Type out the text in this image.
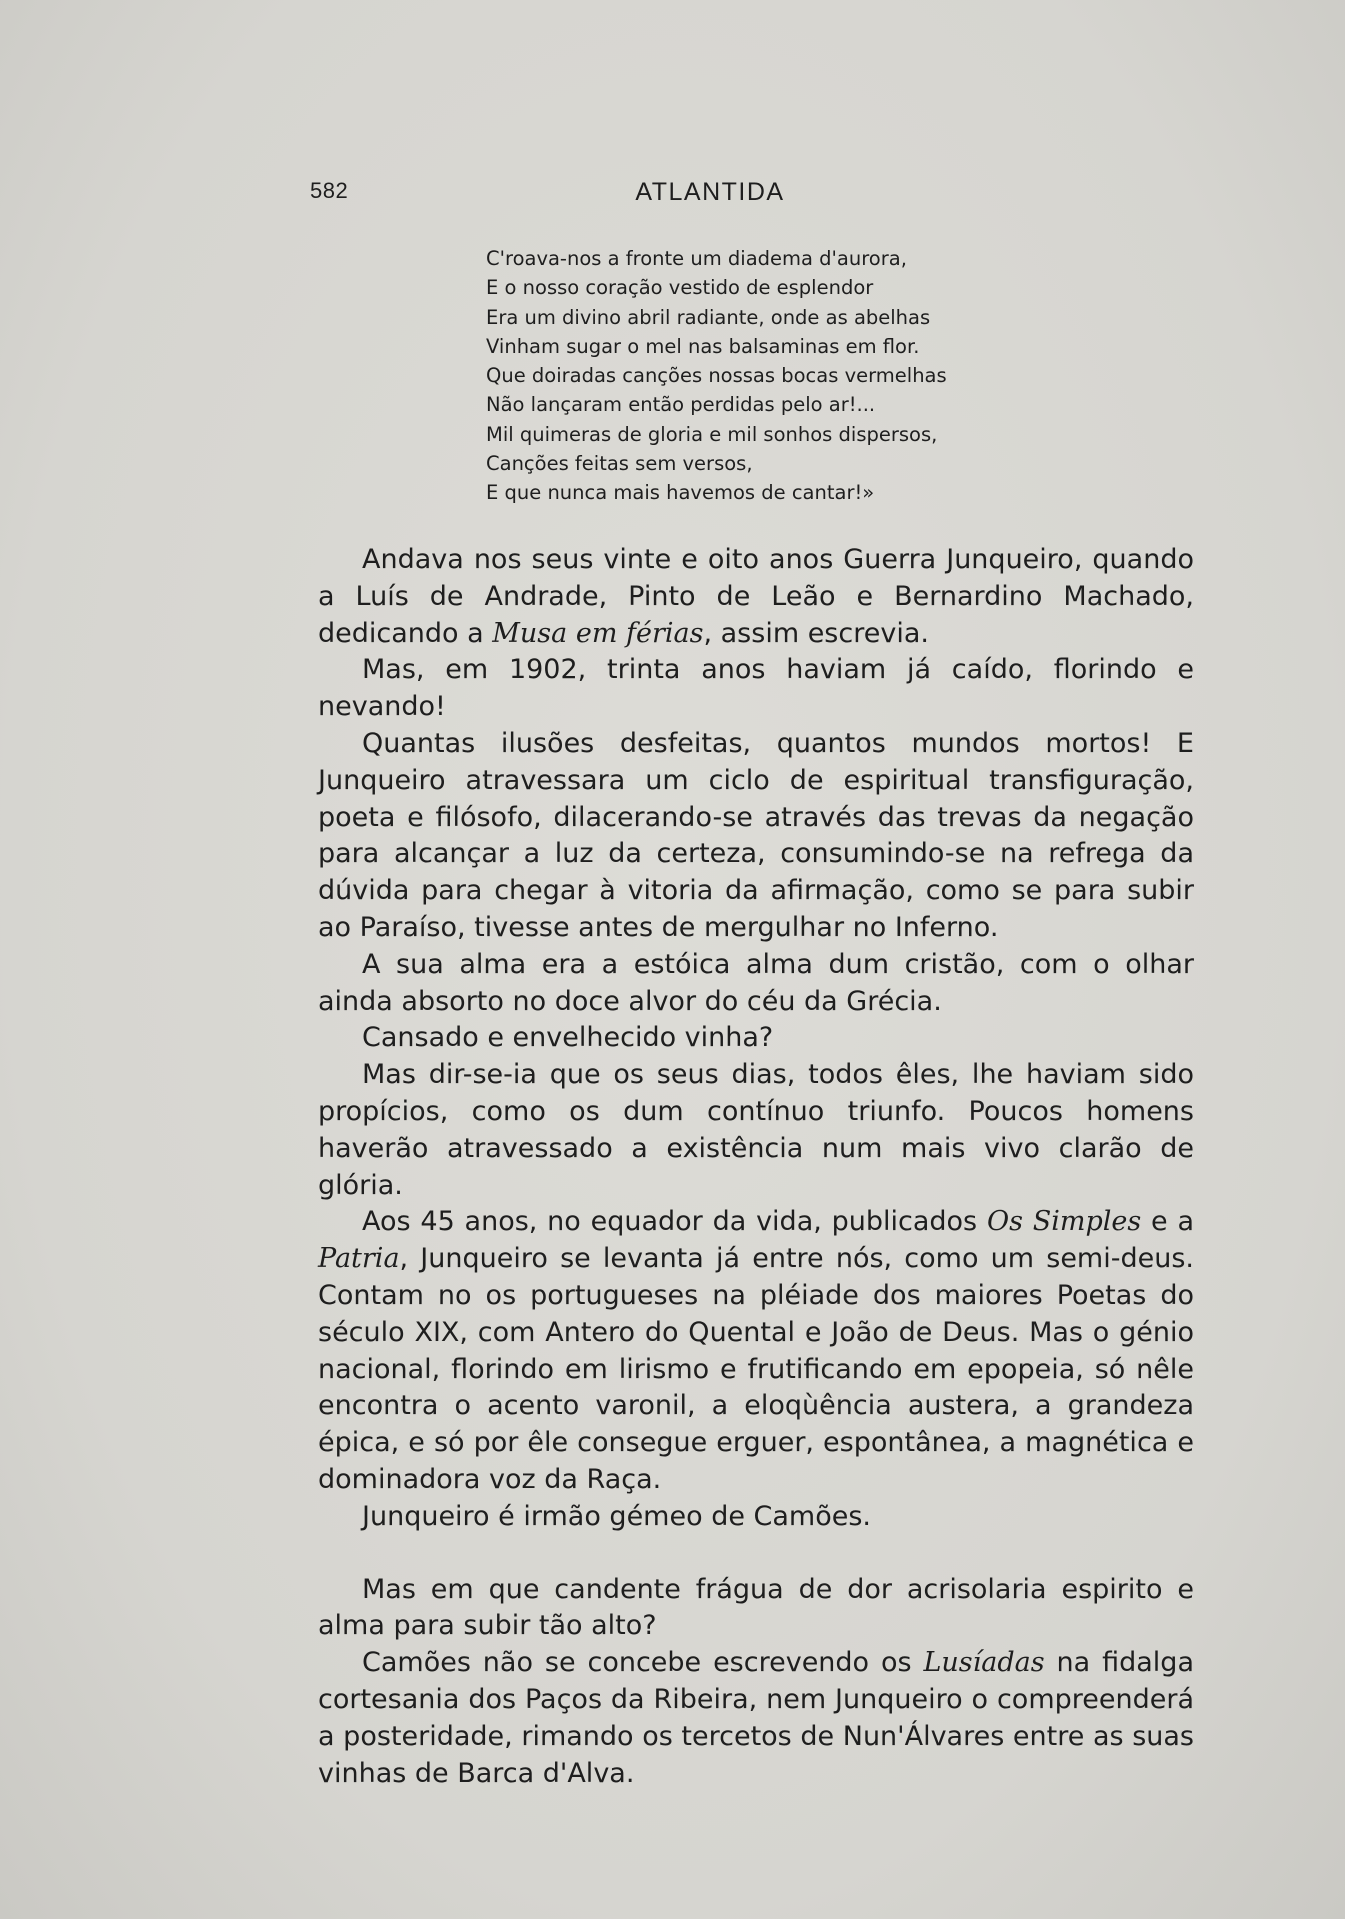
582	ATLANTIDA
C'roava-nos a fronte um diadema d'aurora,
E o nosso coração vestido de esplendor
Era um divino abril radiante, onde as abelhas
Vinham sugar o mel nas balsaminas em flor.
Que doiradas canções nossas bocas vermelhas
Não lançaram então perdidas pelo ar!...
Mil quimeras de gloria e mil sonhos dispersos,
Canções feitas sem versos,
E que nunca mais havemos de cantar!»

Andava nos seus vinte e oito anos Guerra Junqueiro, quando a Luís de Andrade, Pinto de Leão e Bernardino Machado, dedicando a Musa em férias, assim escrevia.

Mas, em 1902, trinta anos haviam já caído, florindo e nevando!

Quantas ilusões desfeitas, quantos mundos mortos! E Junqueiro atravessara um ciclo de espiritual transfiguração, poeta e filósofo, dilacerando-se através das trevas da negação para alcançar a luz da certeza, consumindo-se na refrega da dúvida para chegar à vitoria da afirmação, como se para subir ao Paraíso, tivesse antes de mergulhar no Inferno.

A sua alma era a estóica alma dum cristão, com o olhar ainda absorto no doce alvor do céu da Grécia.

Cansado e envelhecido vinha?

Mas dir-se-ia que os seus dias, todos êles, lhe haviam sido propícios, como os dum contínuo triunfo. Poucos homens haverão atravessado a existência num mais vivo clarão de glória.

Aos 45 anos, no equador da vida, publicados Os Simples e a Patria, Junqueiro se levanta já entre nós, como um semi-deus. Contam no os portugueses na pléiade dos maiores Poetas do século XIX, com Antero do Quental e João de Deus. Mas o génio nacional, florindo em lirismo e frutificando em epopeia, só nêle encontra o acento varonil, a eloqùência austera, a grandeza épica, e só por êle consegue erguer, espontânea, a magnética e dominadora voz da Raça.

Junqueiro é irmão gémeo de Camões.

Mas em que candente frágua de dor acrisolaria espirito e alma para subir tão alto?

Camões não se concebe escrevendo os Lusíadas na fidalga cortesania dos Paços da Ribeira, nem Junqueiro o compreenderá a posteridade, rimando os tercetos de Nun'Álvares entre as suas vinhas de Barca d'Alva.
